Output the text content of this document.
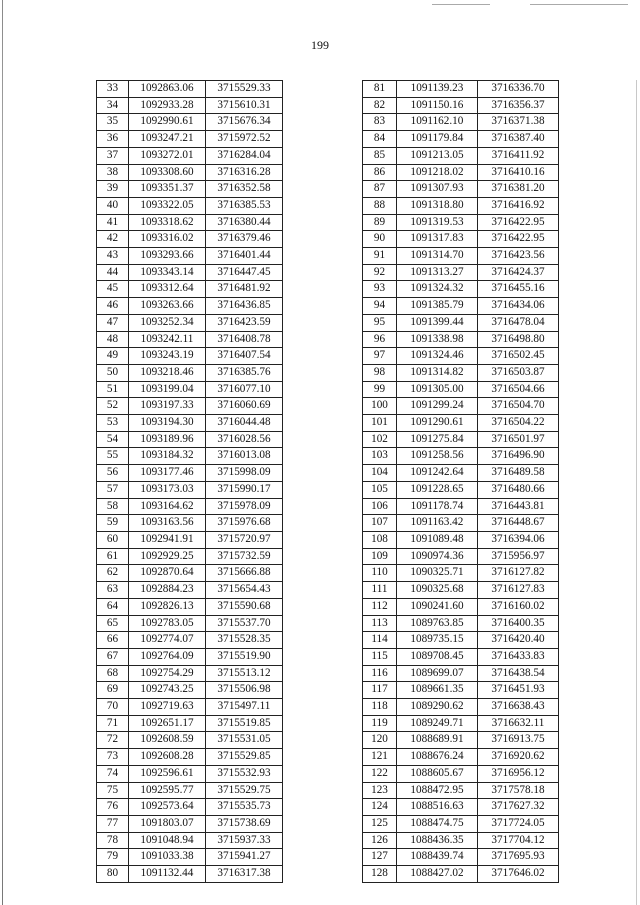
199
33	1092863.06	3715529.33
34	1092933.28	3715610.31
35	1092990.61	3715676.34
36	1093247.21	3715972.52
37	1093272.01	3716284.04
38	1093308.60	3716316.28
39	1093351.37	3716352.58
40	1093322.05	3716385.53
41	1093318.62	3716380.44
42	1093316.02	3716379.46
43	1093293.66	3716401.44
44	1093343.14	3716447.45
45	1093312.64	3716481.92
46	1093263.66	3716436.85
47	1093252.34	3716423.59
48	1093242.11	3716408.78
49	1093243.19	3716407.54
50	1093218.46	3716385.76
51	1093199.04	3716077.10
52	1093197.33	3716060.69
53	1093194.30	3716044.48
54	1093189.96	3716028.56
55	1093184.32	3716013.08
56	1093177.46	3715998.09
57	1093173.03	3715990.17
58	1093164.62	3715978.09
59	1093163.56	3715976.68
60	1092941.91	3715720.97
61	1092929.25	3715732.59
62	1092870.64	3715666.88
63	1092884.23	3715654.43
64	1092826.13	3715590.68
65	1092783.05	3715537.70
66	1092774.07	3715528.35
67	1092764.09	3715519.90
68	1092754.29	3715513.12
69	1092743.25	3715506.98
70	1092719.63	3715497.11
71	1092651.17	3715519.85
72	1092608.59	3715531.05
73	1092608.28	3715529.85
74	1092596.61	3715532.93
75	1092595.77	3715529.75
76	1092573.64	3715535.73
77	1091803.07	3715738.69
78	1091048.94	3715937.33
79	1091033.38	3715941.27
80	1091132.44	3716317.38
81	1091139.23	3716336.70
82	1091150.16	3716356.37
83	1091162.10	3716371.38
84	1091179.84	3716387.40
85	1091213.05	3716411.92
86	1091218.02	3716410.16
87	1091307.93	3716381.20
88	1091318.80	3716416.92
89	1091319.53	3716422.95
90	1091317.83	3716422.95
91	1091314.70	3716423.56
92	1091313.27	3716424.37
93	1091324.32	3716455.16
94	1091385.79	3716434.06
95	1091399.44	3716478.04
96	1091338.98	3716498.80
97	1091324.46	3716502.45
98	1091314.82	3716503.87
99	1091305.00	3716504.66
100	1091299.24	3716504.70
101	1091290.61	3716504.22
102	1091275.84	3716501.97
103	1091258.56	3716496.90
104	1091242.64	3716489.58
105	1091228.65	3716480.66
106	1091178.74	3716443.81
107	1091163.42	3716448.67
108	1091089.48	3716394.06
109	1090974.36	3715956.97
110	1090325.71	3716127.82
111	1090325.68	3716127.83
112	1090241.60	3716160.02
113	1089763.85	3716400.35
114	1089735.15	3716420.40
115	1089708.45	3716433.83
116	1089699.07	3716438.54
117	1089661.35	3716451.93
118	1089290.62	3716638.43
119	1089249.71	3716632.11
120	1088689.91	3716913.75
121	1088676.24	3716920.62
122	1088605.67	3716956.12
123	1088472.95	3717578.18
124	1088516.63	3717627.32
125	1088474.75	3717724.05
126	1088436.35	3717704.12
127	1088439.74	3717695.93
128	1088427.02	3717646.02
